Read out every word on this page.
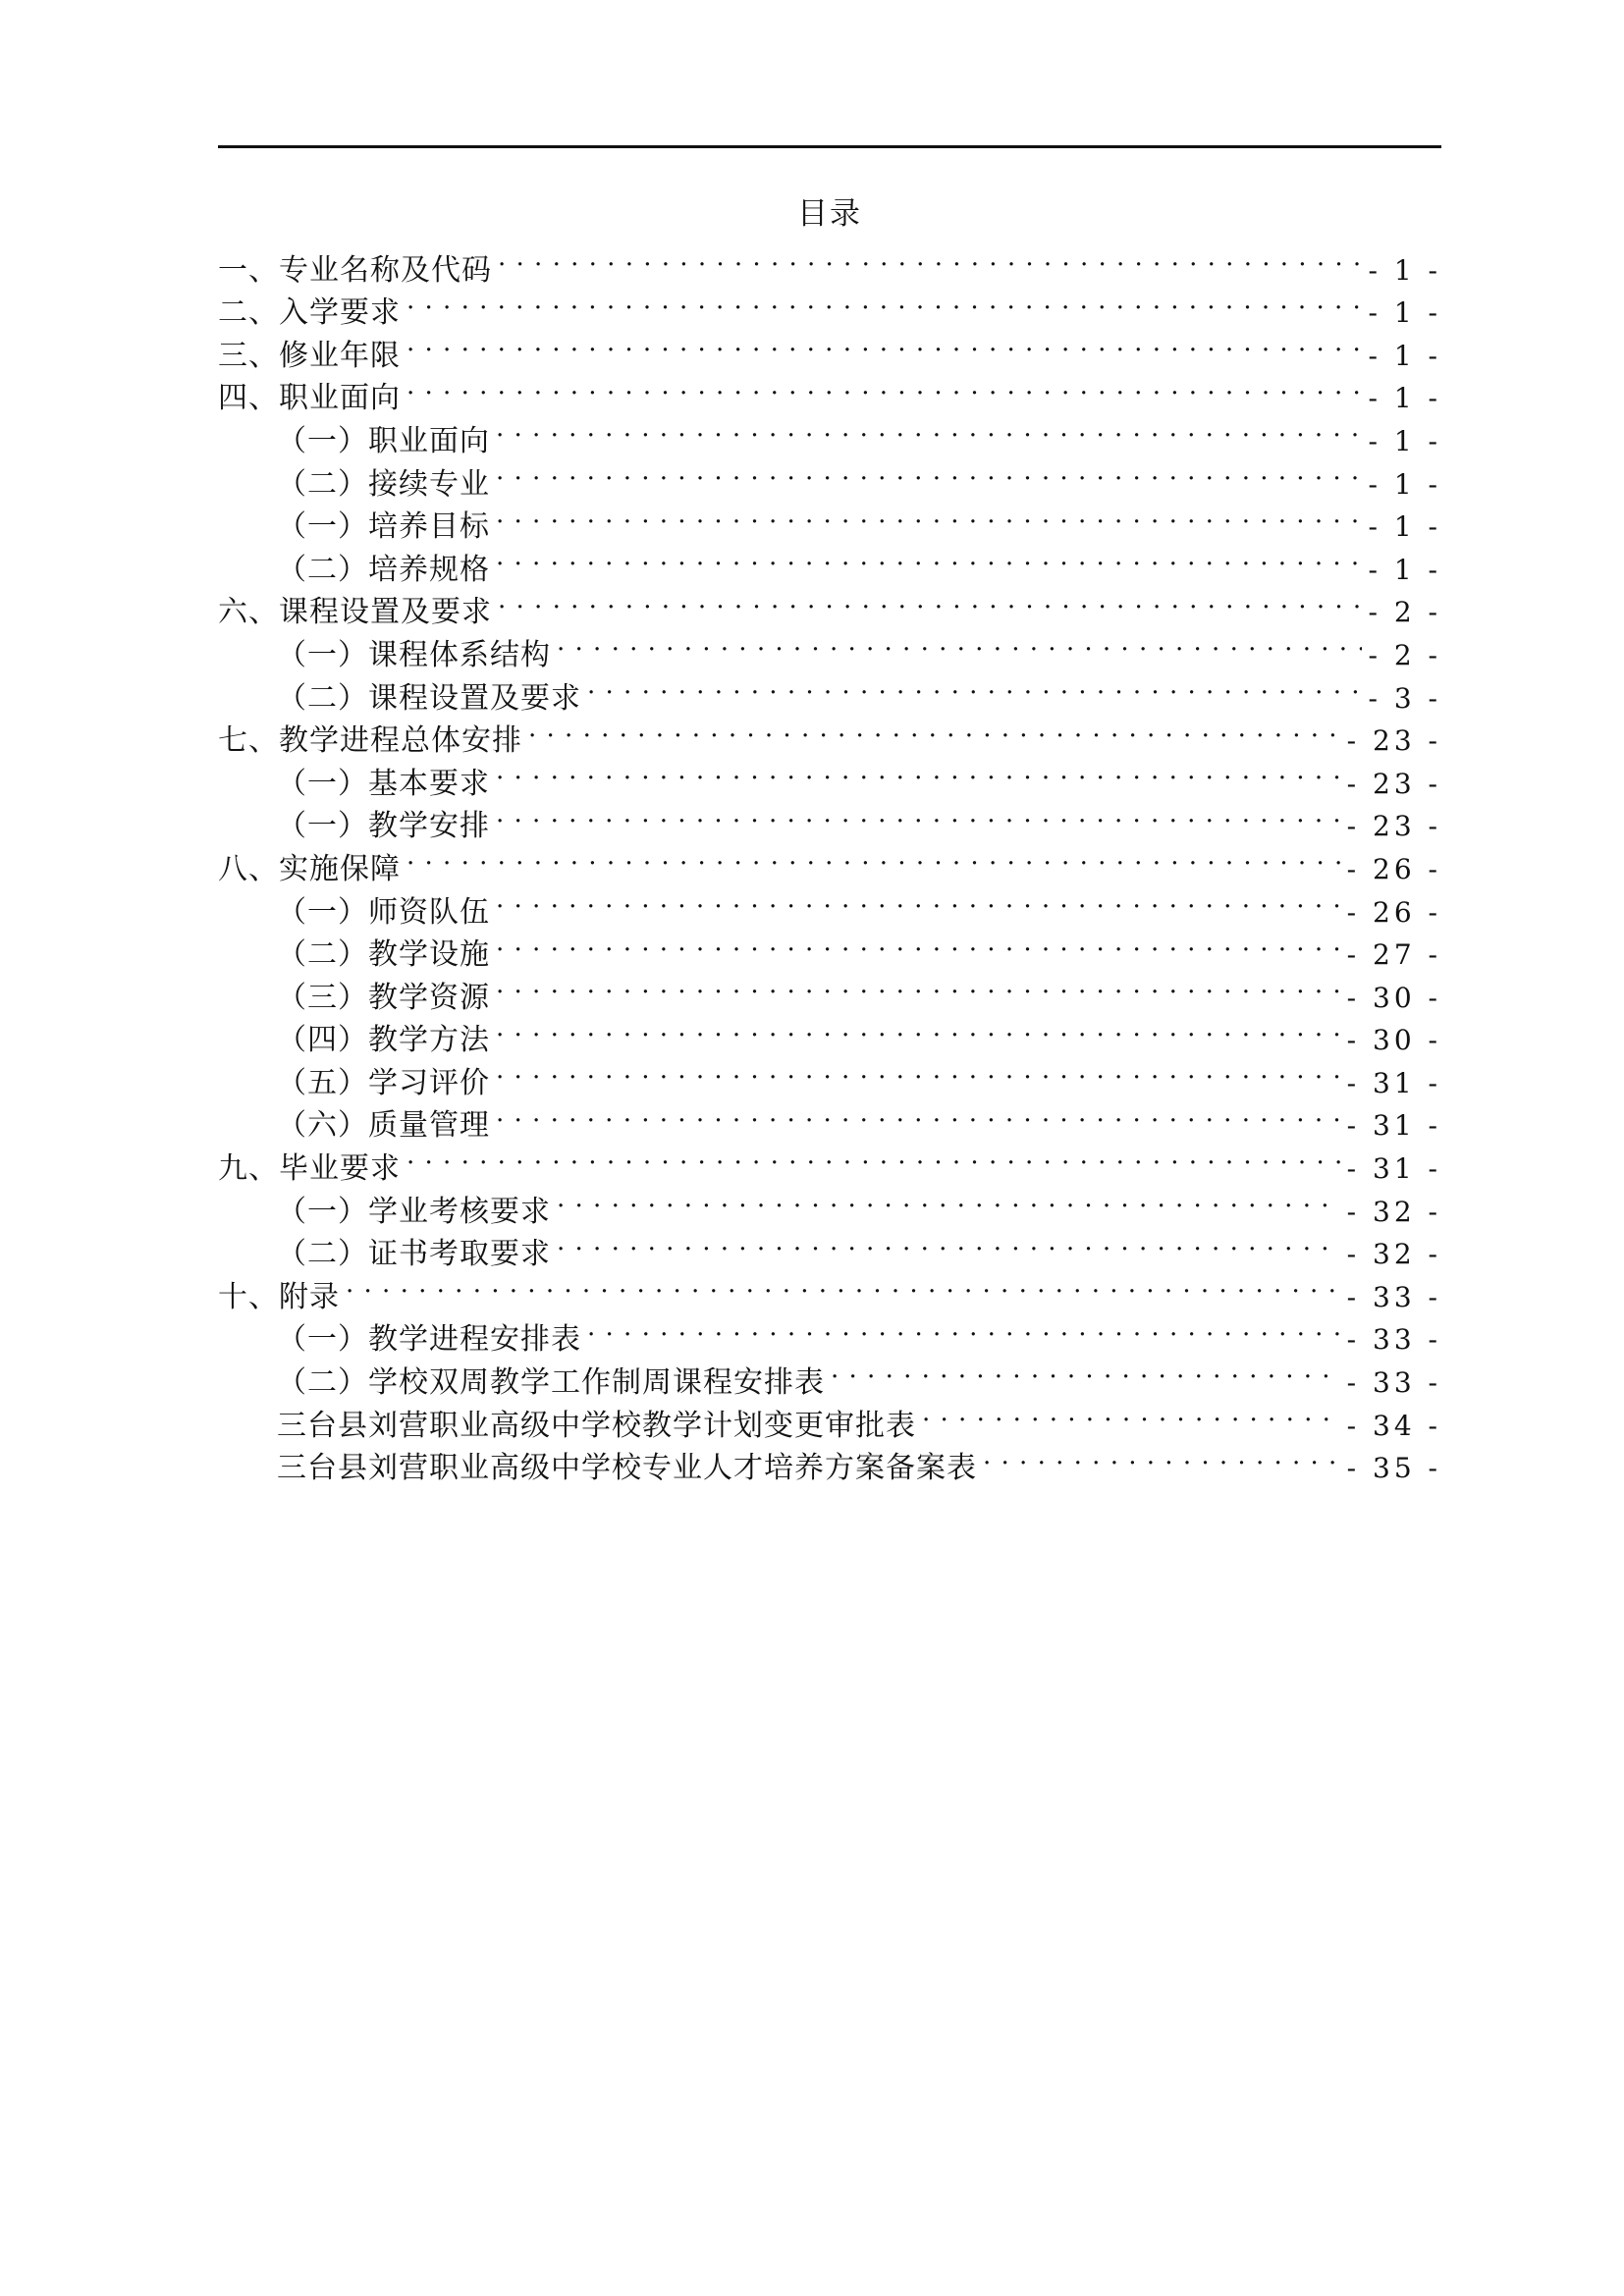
目录
一、专业名称及代码 . . .	- 1 -
二、入学要求 . . .	- 1 -
三、修业年限 . . .	- 1 -
四、职业面向 . . .	- 1 -
（一）职业面向 . . .	- 1 -
（二）接续专业 . . .	- 1 -
（一）培养目标 . . .	- 1 -
（二）培养规格 . . .	- 1 -
六、课程设置及要求 . . .	- 2 -
（一）课程体系结构 . . .	- 2 -
（二）课程设置及要求 . . .	- 3 -
七、教学进程总体安排 . . .	- 23 -
（一）基本要求 . . .	- 23 -
（一）教学安排 . . .	- 23 -
八、实施保障 . . .	- 26 -
（一）师资队伍 . . .	- 26 -
（二）教学设施 . . .	- 27 -
（三）教学资源 . . .	- 30 -
（四）教学方法 . . .	- 30 -
（五）学习评价 . . .	- 31 -
（六）质量管理 . . .	- 31 -
九、毕业要求 . . .	- 31 -
（一）学业考核要求 . . .	- 32 -
（二）证书考取要求 . . .	- 32 -
十、附录 . . .	- 33 -
（一）教学进程安排表 . . .	- 33 -
（二）学校双周教学工作制周课程安排表 . . .	- 33 -
三台县刘营职业高级中学校教学计划变更审批表 . . .	- 34 -
三台县刘营职业高级中学校专业人才培养方案备案表 . . .	- 35 -
